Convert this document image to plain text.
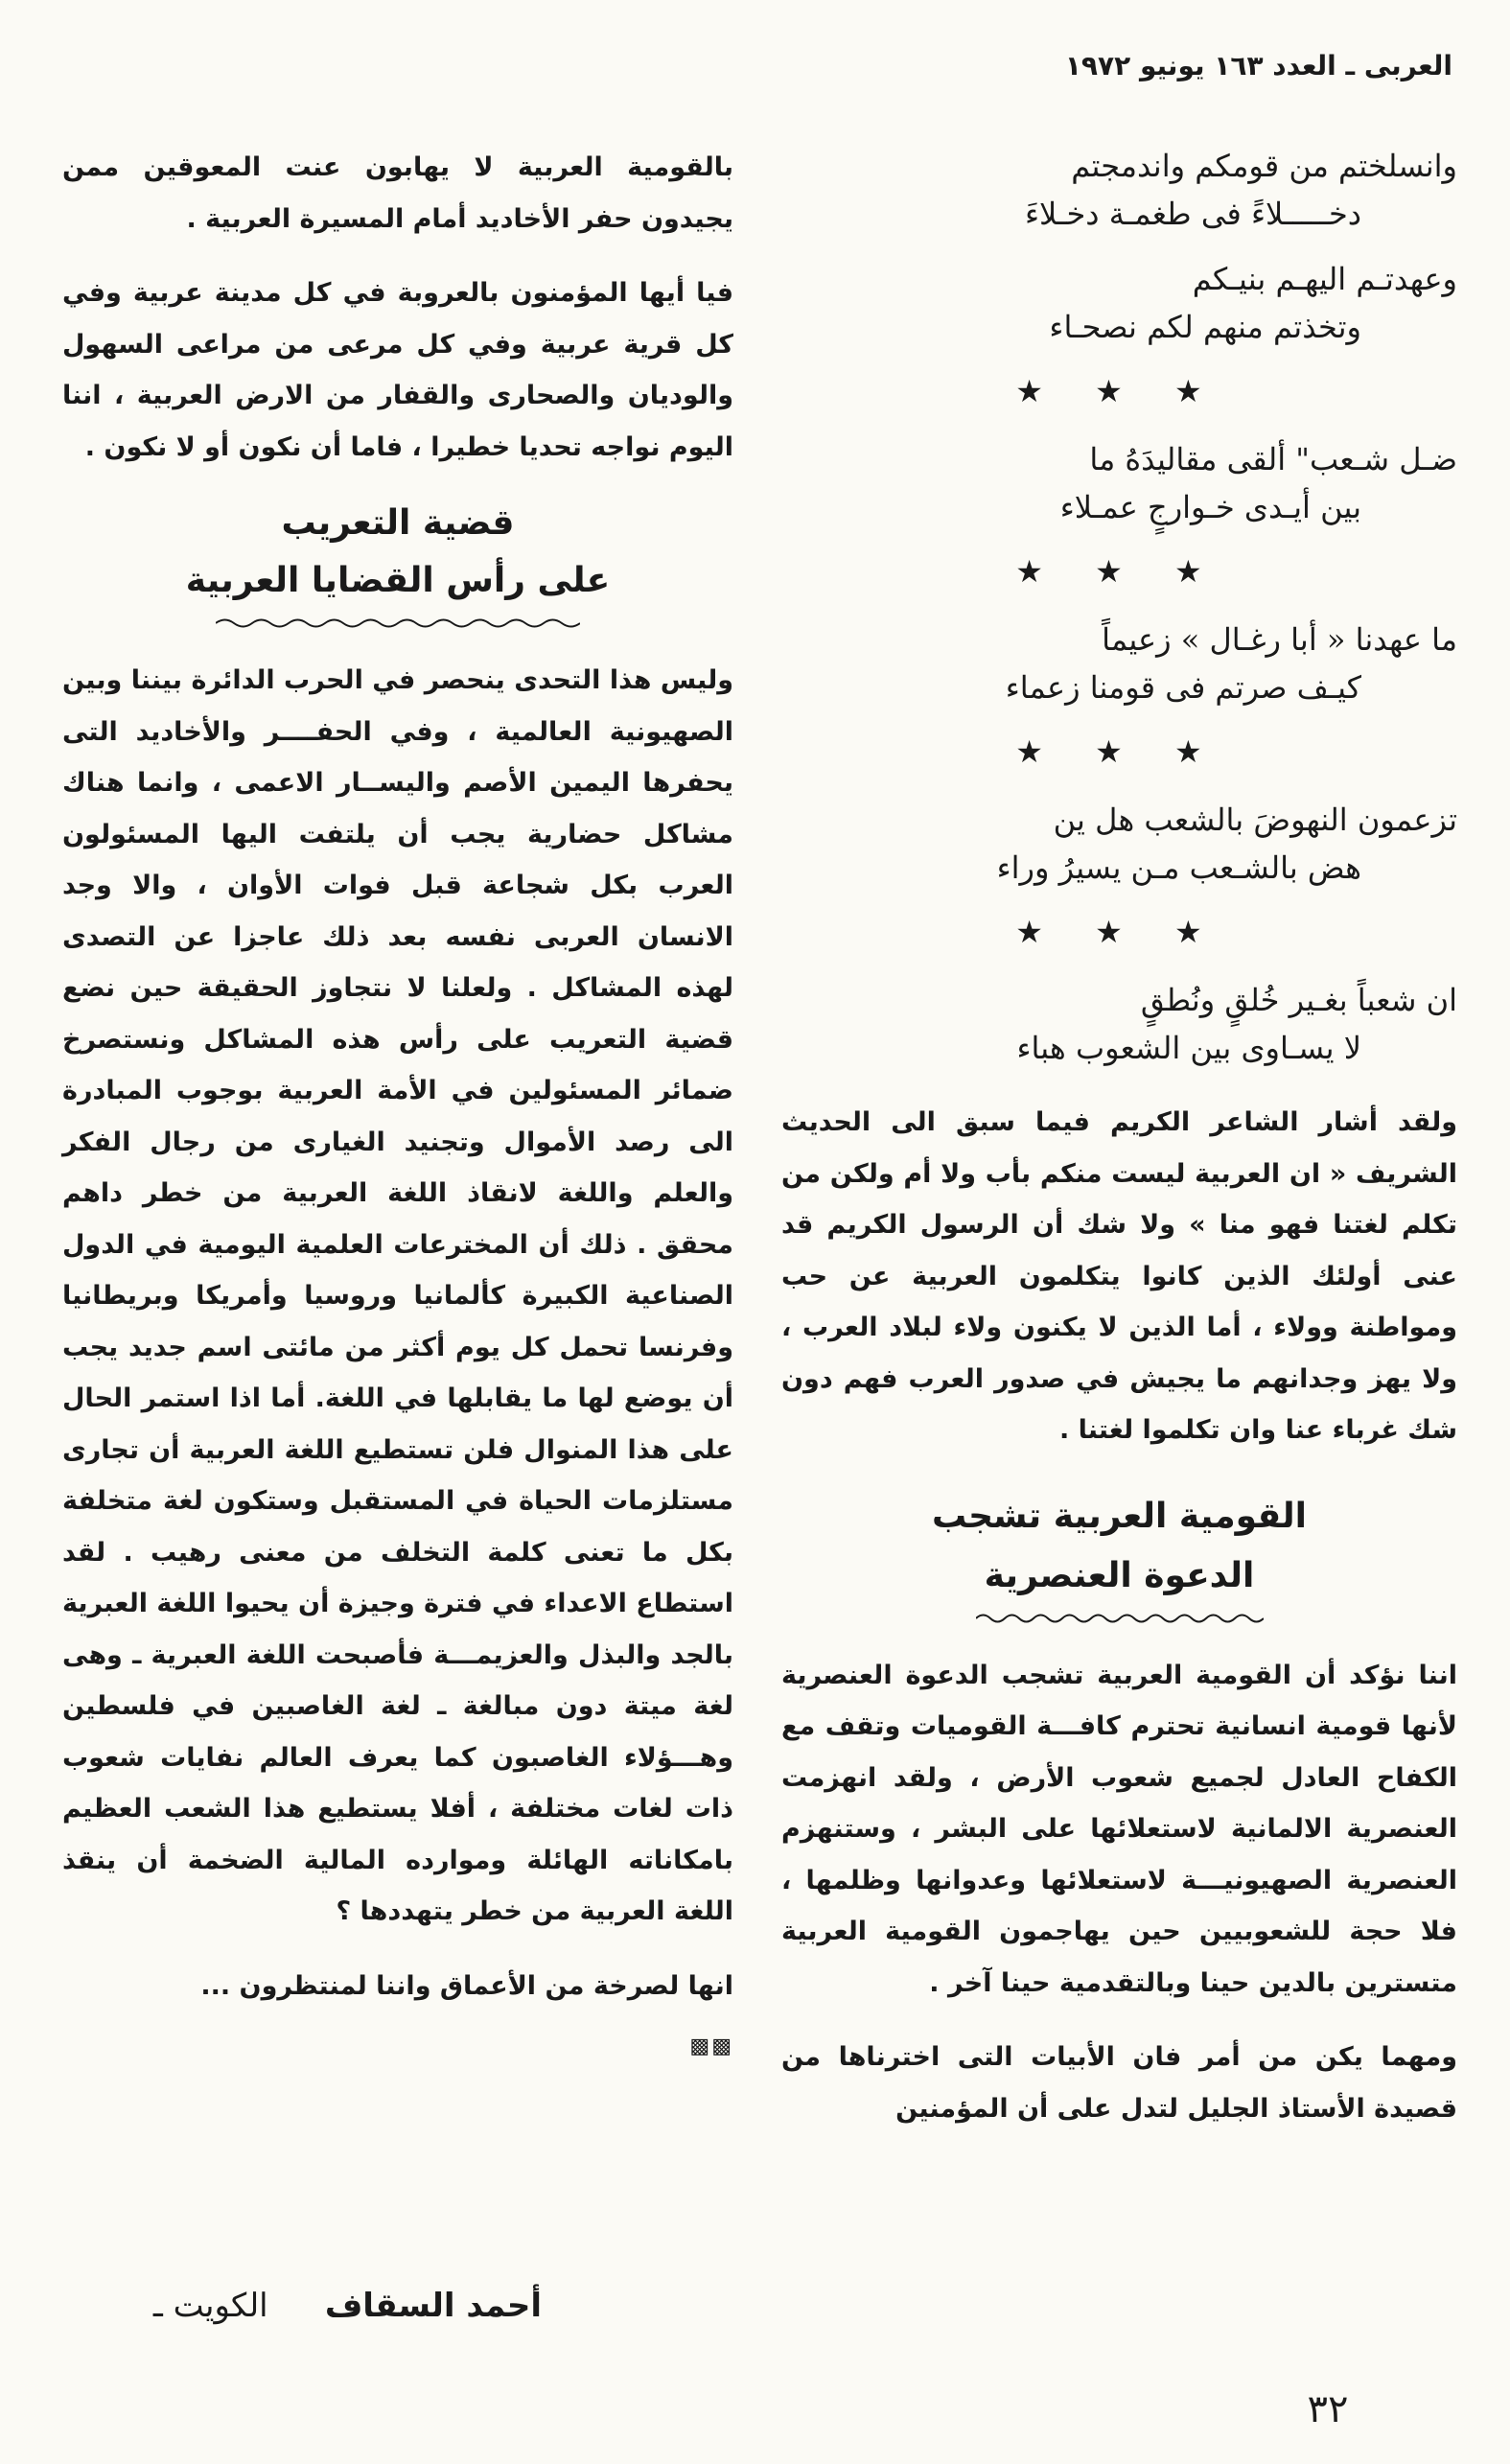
العربى ـ العدد ١٦٣ يونيو ١٩٧٢
وانسلختم من قومكم واندمجتم
دخـــــلاءً فى طغمـة دخـلاءَ
وعهدتـم اليهـم بنيـكم
وتخذتم منهم لكم نصحـاء
★ ★ ★
ضـل شـعب" ألقى مقاليدَهُ ما
بين أيـدى خـوارجٍ عمـلاء
★ ★ ★
ما عهدنا « أبا رغـال » زعيماً
كيـف صرتم فى قومنا زعماء
★ ★ ★
تزعمون النهوضَ بالشعب هل ين
هض بالشـعب مـن يسيرُ وراء
★ ★ ★
ان شعباً بغـير خُلقٍ ونُطقٍ
لا يسـاوى بين الشعوب هباء

ولقد أشار الشاعر الكريم فيما سبق الى الحديث الشريف « ان العربية ليست منكم بأب ولا أم ولكن من تكلم لغتنا فهو منا » ولا شك أن الرسول الكريم قد عنى أولئك الذين كانوا يتكلمون العربية عن حب ومواطنة وولاء ، أما الذين لا يكنون ولاء لبلاد العرب ، ولا يهز وجدانهم ما يجيش في صدور العرب فهم دون شك غرباء عنا وان تكلموا لغتنا .

القومية العربية تشجب
الدعوة العنصرية

اننا نؤكد أن القومية العربية تشجب الدعوة العنصرية لأنها قومية انسانية تحترم كافـــة القوميات وتقف مع الكفاح العادل لجميع شعوب الأرض ، ولقد انهزمت العنصرية الالمانية لاستعلائها على البشر ، وستنهزم العنصرية الصهيونيـــة لاستعلائها وعدوانها وظلمها ، فلا حجة للشعوبيين حين يهاجمون القومية العربية متسترين بالدين حينا وبالتقدمية حينا آخر .

ومهما يكن من أمر فان الأبيات التى اخترناها من قصيدة الأستاذ الجليل لتدل على أن المؤمنين

بالقومية العربية لا يهابون عنت المعوقين ممن يجيدون حفر الأخاديد أمام المسيرة العربية .

فيا أيها المؤمنون بالعروبة في كل مدينة عربية وفي كل قرية عربية وفي كل مرعى من مراعى السهول والوديان والصحارى والقفار من الارض العربية ، اننا اليوم نواجه تحديا خطيرا ، فاما أن نكون أو لا نكون .

قضية التعريب
على رأس القضايا العربية

وليس هذا التحدى ينحصر في الحرب الدائرة بيننا وبين الصهيونية العالمية ، وفي الحفــــر والأخاديد التى يحفرها اليمين الأصم واليســار الاعمى ، وانما هناك مشاكل حضارية يجب أن يلتفت اليها المسئولون العرب بكل شجاعة قبل فوات الأوان ، والا وجد الانسان العربى نفسه بعد ذلك عاجزا عن التصدى لهذه المشاكل . ولعلنا لا نتجاوز الحقيقة حين نضع قضية التعريب على رأس هذه المشاكل ونستصرخ ضمائر المسئولين في الأمة العربية بوجوب المبادرة الى رصد الأموال وتجنيد الغيارى من رجال الفكر والعلم واللغة لانقاذ اللغة العربية من خطر داهم محقق . ذلك أن المخترعات العلمية اليومية في الدول الصناعية الكبيرة كألمانيا وروسيا وأمريكا وبريطانيا وفرنسا تحمل كل يوم أكثر من مائتى اسم جديد يجب أن يوضع لها ما يقابلها في اللغة. أما اذا استمر الحال على هذا المنوال فلن تستطيع اللغة العربية أن تجارى مستلزمات الحياة في المستقبل وستكون لغة متخلفة بكل ما تعنى كلمة التخلف من معنى رهيب . لقد استطاع الاعداء في فترة وجيزة أن يحيوا اللغة العبرية بالجد والبذل والعزيمـــة فأصبحت اللغة العبرية ـ وهى لغة ميتة دون مبالغة ـ لغة الغاصبين في فلسطين وهـــؤلاء الغاصبون كما يعرف العالم نفايات شعوب ذات لغات مختلفة ، أفلا يستطيع هذا الشعب العظيم بامكاناته الهائلة وموارده المالية الضخمة أن ينقذ اللغة العربية من خطر يتهددها ؟

انها لصرخة من الأعماق واننا لمنتظرون ...

▩▩
أحمد السقاف     الكويت ـ
٣٢
